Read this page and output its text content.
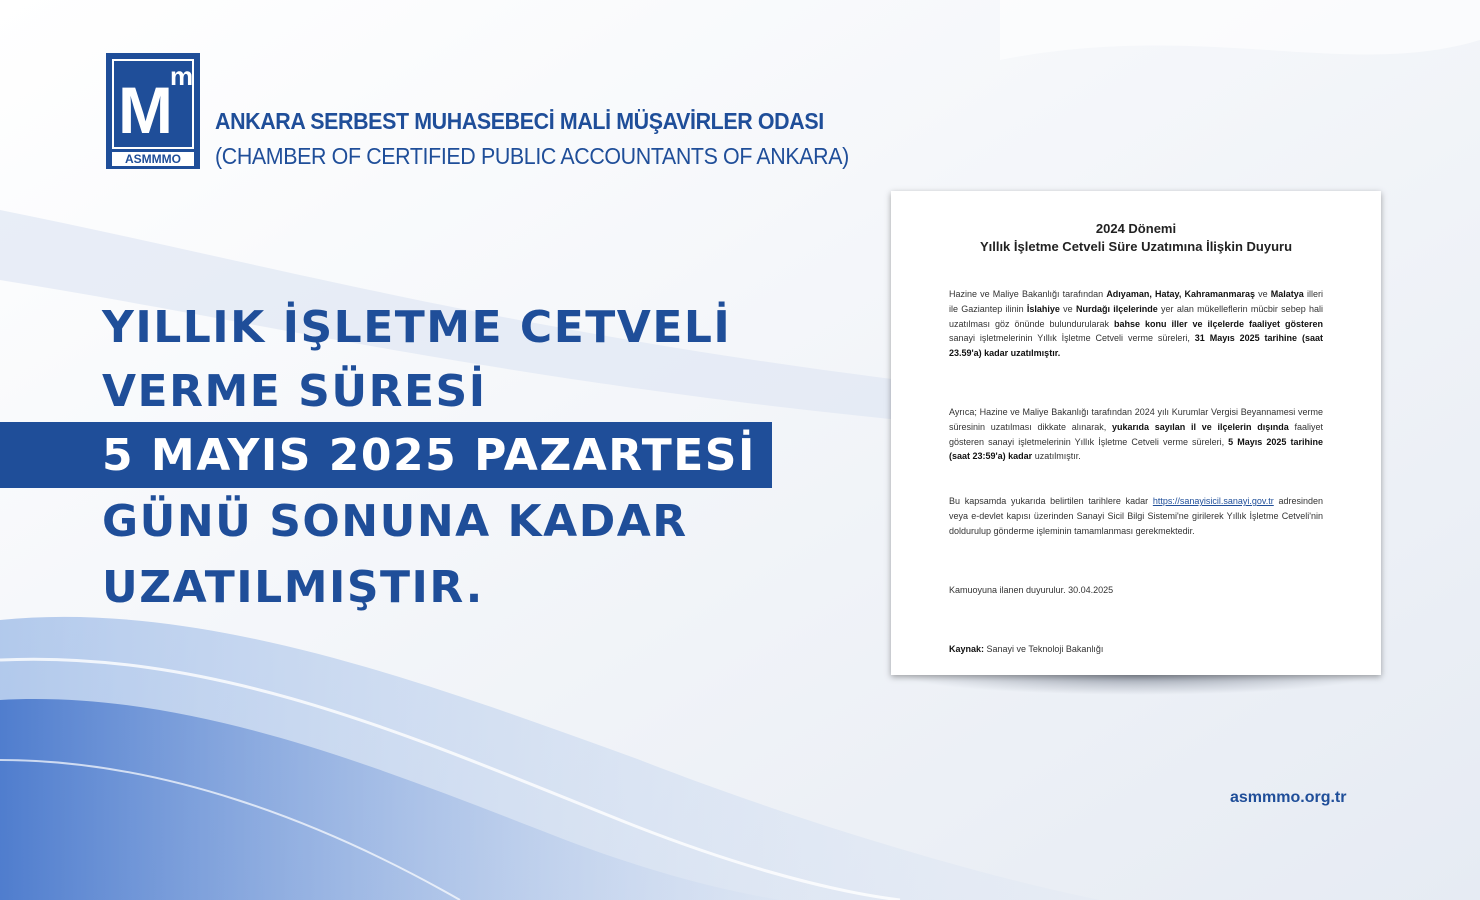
M m
ASMMMO
ANKARA SERBEST MUHASEBECİ MALİ MÜŞAVİRLER ODASI
(CHAMBER OF CERTIFIED PUBLIC ACCOUNTANTS OF ANKARA)
YILLIK İŞLETME CETVELİ
VERME SÜRESİ
5 MAYIS 2025 PAZARTESİ
GÜNÜ SONUNA KADAR
UZATILMIŞTIR.
2024 Dönemi
Yıllık İşletme Cetveli Süre Uzatımına İlişkin Duyuru

Hazine ve Maliye Bakanlığı tarafından Adıyaman, Hatay, Kahramanmaraş ve Malatya illeri ile Gaziantep ilinin İslahiye ve Nurdağı ilçelerinde yer alan mükelleflerin mücbir sebep hali uzatılması göz önünde bulundurularak bahse konu iller ve ilçelerde faaliyet gösteren sanayi işletmelerinin Yıllık İşletme Cetveli verme süreleri, 31 Mayıs 2025 tarihine (saat 23.59'a) kadar uzatılmıştır.

Ayrıca; Hazine ve Maliye Bakanlığı tarafından 2024 yılı Kurumlar Vergisi Beyannamesi verme süresinin uzatılması dikkate alınarak, yukarıda sayılan il ve ilçelerin dışında faaliyet gösteren sanayi işletmelerinin Yıllık İşletme Cetveli verme süreleri, 5 Mayıs 2025 tarihine (saat 23:59'a) kadar uzatılmıştır.

Bu kapsamda yukarıda belirtilen tarihlere kadar https://sanayisicil.sanayi.gov.tr adresinden veya e-devlet kapısı üzerinden Sanayi Sicil Bilgi Sistemi'ne girilerek Yıllık İşletme Cetveli'nin doldurulup gönderme işleminin tamamlanması gerekmektedir.

Kamuoyuna ilanen duyurulur. 30.04.2025

Kaynak: Sanayi ve Teknoloji Bakanlığı

asmmmo.org.tr
